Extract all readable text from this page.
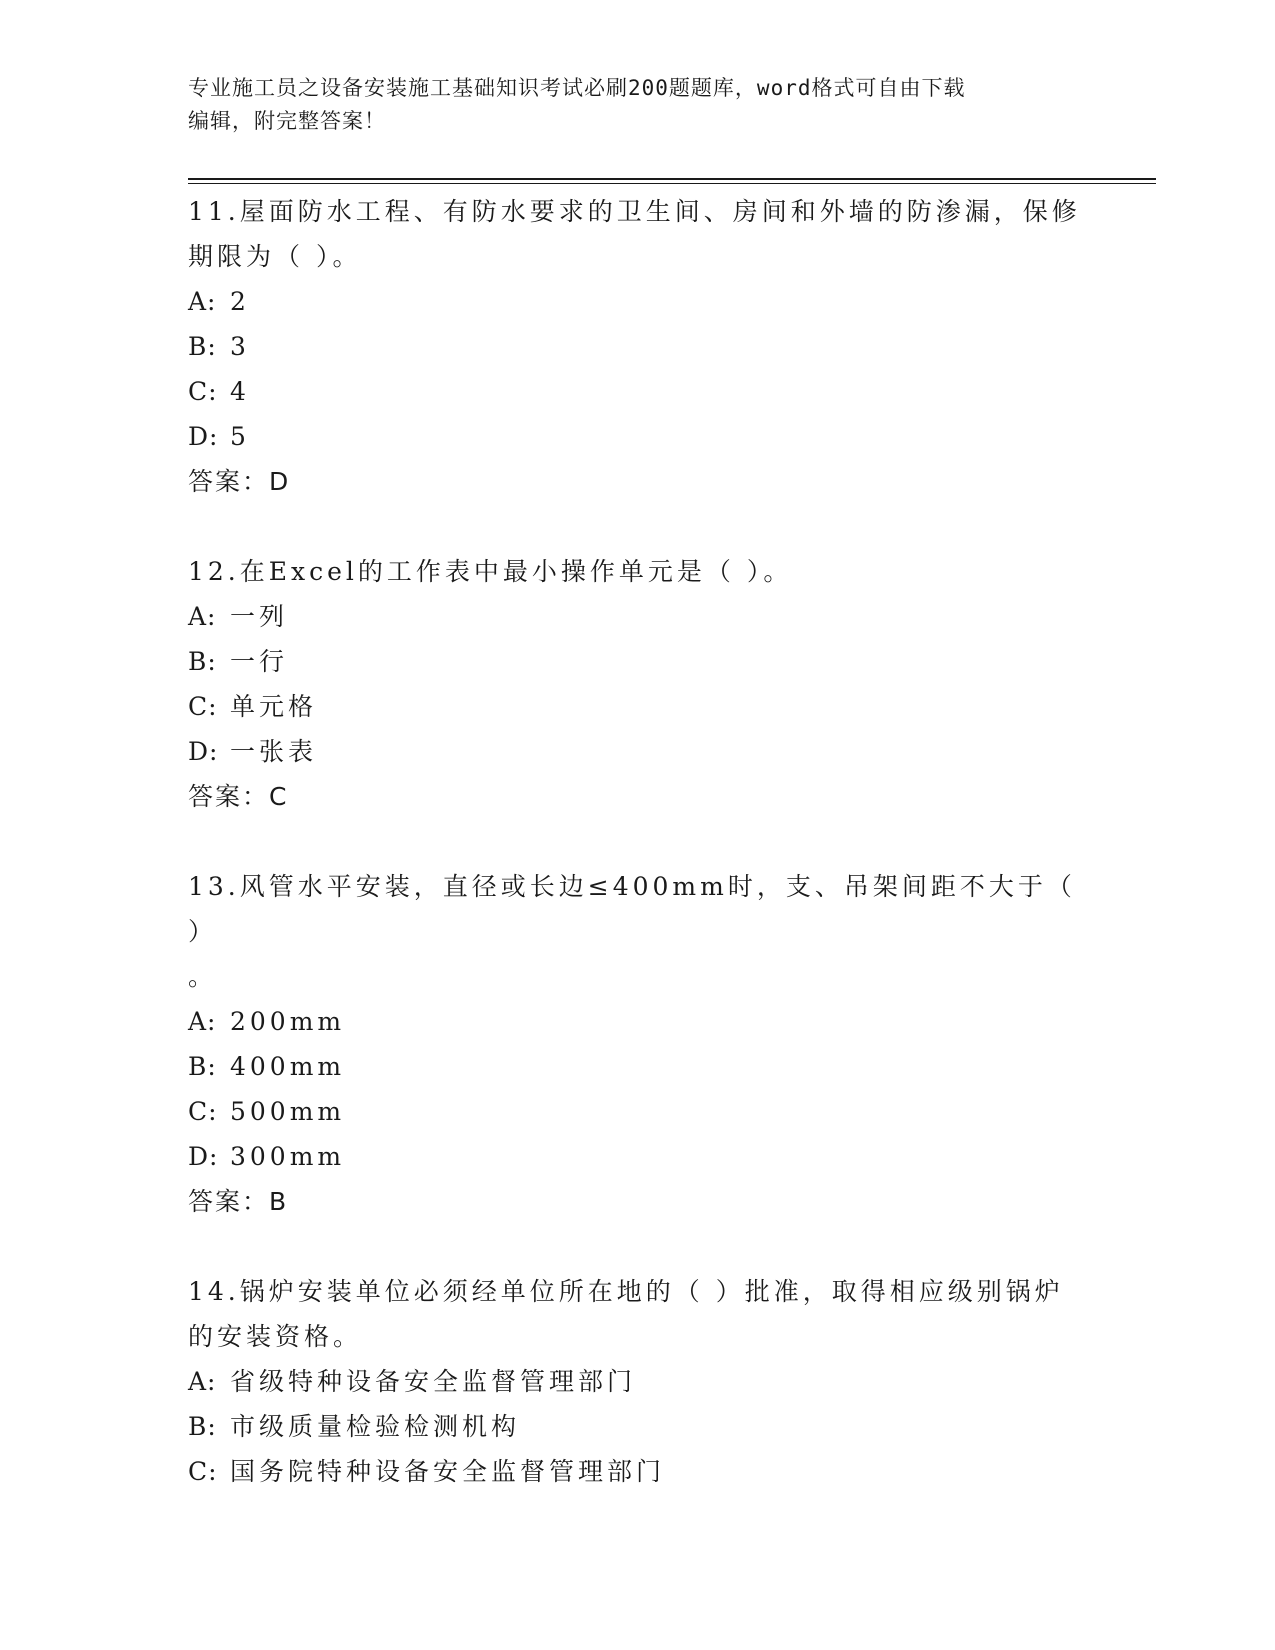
专业施工员之设备安装施工基础知识考试必刷200题题库，word格式可自由下载
编辑，附完整答案！
11.屋面防水工程、有防水要求的卫生间、房间和外墙的防渗漏，保修
期限为（ ）。
A: 2
B: 3
C: 4
D: 5
答案：D
12.在Excel的工作表中最小操作单元是（ ）。
A: 一列
B: 一行
C: 单元格
D: 一张表
答案：C
13.风管水平安装，直径或长边≤400mm时，支、吊架间距不大于（ ）
。
A: 200mm
B: 400mm
C: 500mm
D: 300mm
答案：B
14.锅炉安装单位必须经单位所在地的（ ）批准，取得相应级别锅炉
的安装资格。
A: 省级特种设备安全监督管理部门
B: 市级质量检验检测机构
C: 国务院特种设备安全监督管理部门
